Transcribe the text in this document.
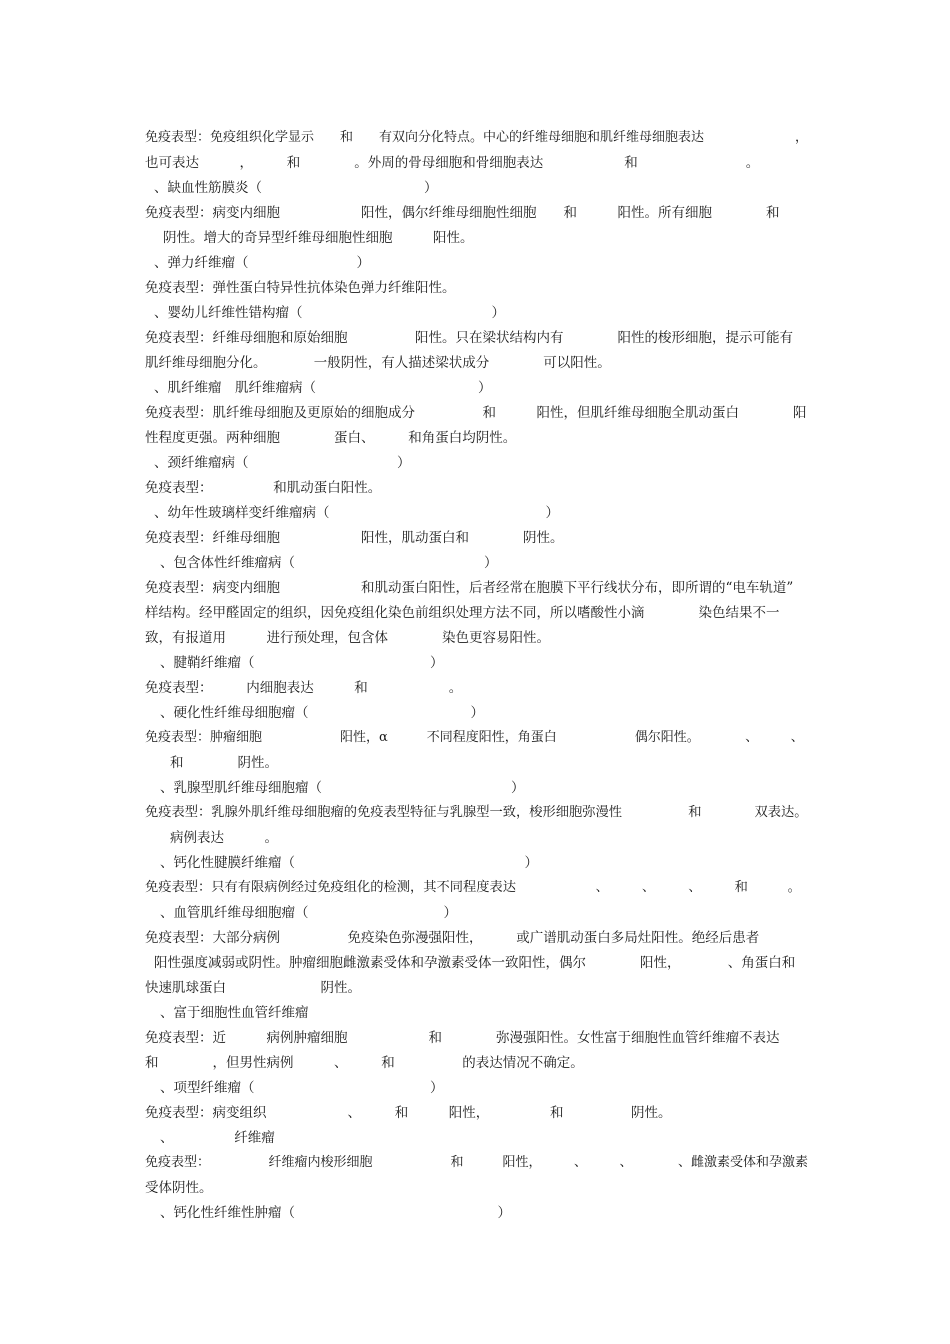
免疫表型：免疫组织化学显示　　和　　有双向分化特点。中心的纤维母细胞和肌纤维母细胞表达　　　　　　　，
也可表达　　　，　　　和　　　　。外周的骨母细胞和骨细胞表达　　　　　　和　　　　　　　　。
、缺血性筋膜炎（　　　　　　　　　　　　）
免疫表型：病变内细胞　　　　　　阳性，偶尔纤维母细胞性细胞　　和　　　阳性。所有细胞　　　　和
阴性。增大的奇异型纤维母细胞性细胞　　　阳性。
、弹力纤维瘤（　　　　　　　　）
免疫表型：弹性蛋白特异性抗体染色弹力纤维阳性。
、婴幼儿纤维性错构瘤（　　　　　　　　　　　　　　）
免疫表型：纤维母细胞和原始细胞　　　　　阳性。只在梁状结构内有　　　　阳性的梭形细胞，提示可能有
肌纤维母细胞分化。　　　　一般阴性，有人描述梁状成分　　　　可以阳性。
、肌纤维瘤　肌纤维瘤病（　　　　　　　　　　　　）
免疫表型：肌纤维母细胞及更原始的细胞成分　　　　　和　　　阳性，但肌纤维母细胞全肌动蛋白　　　　阳
性程度更强。两种细胞　　　　蛋白、　　　和角蛋白均阴性。
、颈纤维瘤病（　　　　　　　　　　　）
免疫表型：　　　　　和肌动蛋白阳性。
、幼年性玻璃样变纤维瘤病（　　　　　　　　　　　　　　　　）
免疫表型：纤维母细胞　　　　　　阳性，肌动蛋白和　　　　阴性。
、包含体性纤维瘤病（　　　　　　　　　　　　　　）
免疫表型：病变内细胞　　　　　　和肌动蛋白阳性，后者经常在胞膜下平行线状分布，即所谓的“电车轨道”
样结构。经甲醛固定的组织，因免疫组化染色前组织处理方法不同，所以嗜酸性小滴　　　　染色结果不一
致，有报道用　　　进行预处理，包含体　　　　染色更容易阳性。
、腱鞘纤维瘤（　　　　　　　　　　　　　）
免疫表型：　　　内细胞表达　　　和　　　　　　。
、硬化性纤维母细胞瘤（　　　　　　　　　　　　）
免疫表型：肿瘤细胞　　　　　　阳性，α　　　不同程度阳性，角蛋白　　　　　　偶尔阳性。　　　　、　　　、
和　　　　阴性。
、乳腺型肌纤维母细胞瘤（　　　　　　　　　　　　　　）
免疫表型：乳腺外肌纤维母细胞瘤的免疫表型特征与乳腺型一致，梭形细胞弥漫性　　　　　和　　　　双表达。
病例表达　　　。
、钙化性腱膜纤维瘤（　　　　　　　　　　　　　　　　　）
免疫表型：只有有限病例经过免疫组化的检测，其不同程度表达　　　　　　、　　　、　　　、　　　和　　　。
、血管肌纤维母细胞瘤（　　　　　　　　　　）
免疫表型：大部分病例　　　　　免疫染色弥漫强阳性，　　　或广谱肌动蛋白多局灶阳性。绝经后患者
阳性强度减弱或阴性。肿瘤细胞雌激素受体和孕激素受体一致阳性，偶尔　　　　阳性，　　　　、角蛋白和
快速肌球蛋白　　　　　　　阴性。
、富于细胞性血管纤维瘤
免疫表型：近　　　病例肿瘤细胞　　　　　　和　　　　弥漫强阳性。女性富于细胞性血管纤维瘤不表达
和　　　　，但男性病例　　　、　　　和　　　　　的表达情况不确定。
、项型纤维瘤（　　　　　　　　　　　　　）
免疫表型：病变组织　　　　　　、　　　和　　　阳性，　　　　　和　　　　　阴性。
、　　　　　纤维瘤
免疫表型：　　　　　纤维瘤内梭形细胞　　　　　　和　　　阳性，　　　、　　　、　　　　、雌激素受体和孕激素
受体阴性。
、钙化性纤维性肿瘤（　　　　　　　　　　　　　　　）
